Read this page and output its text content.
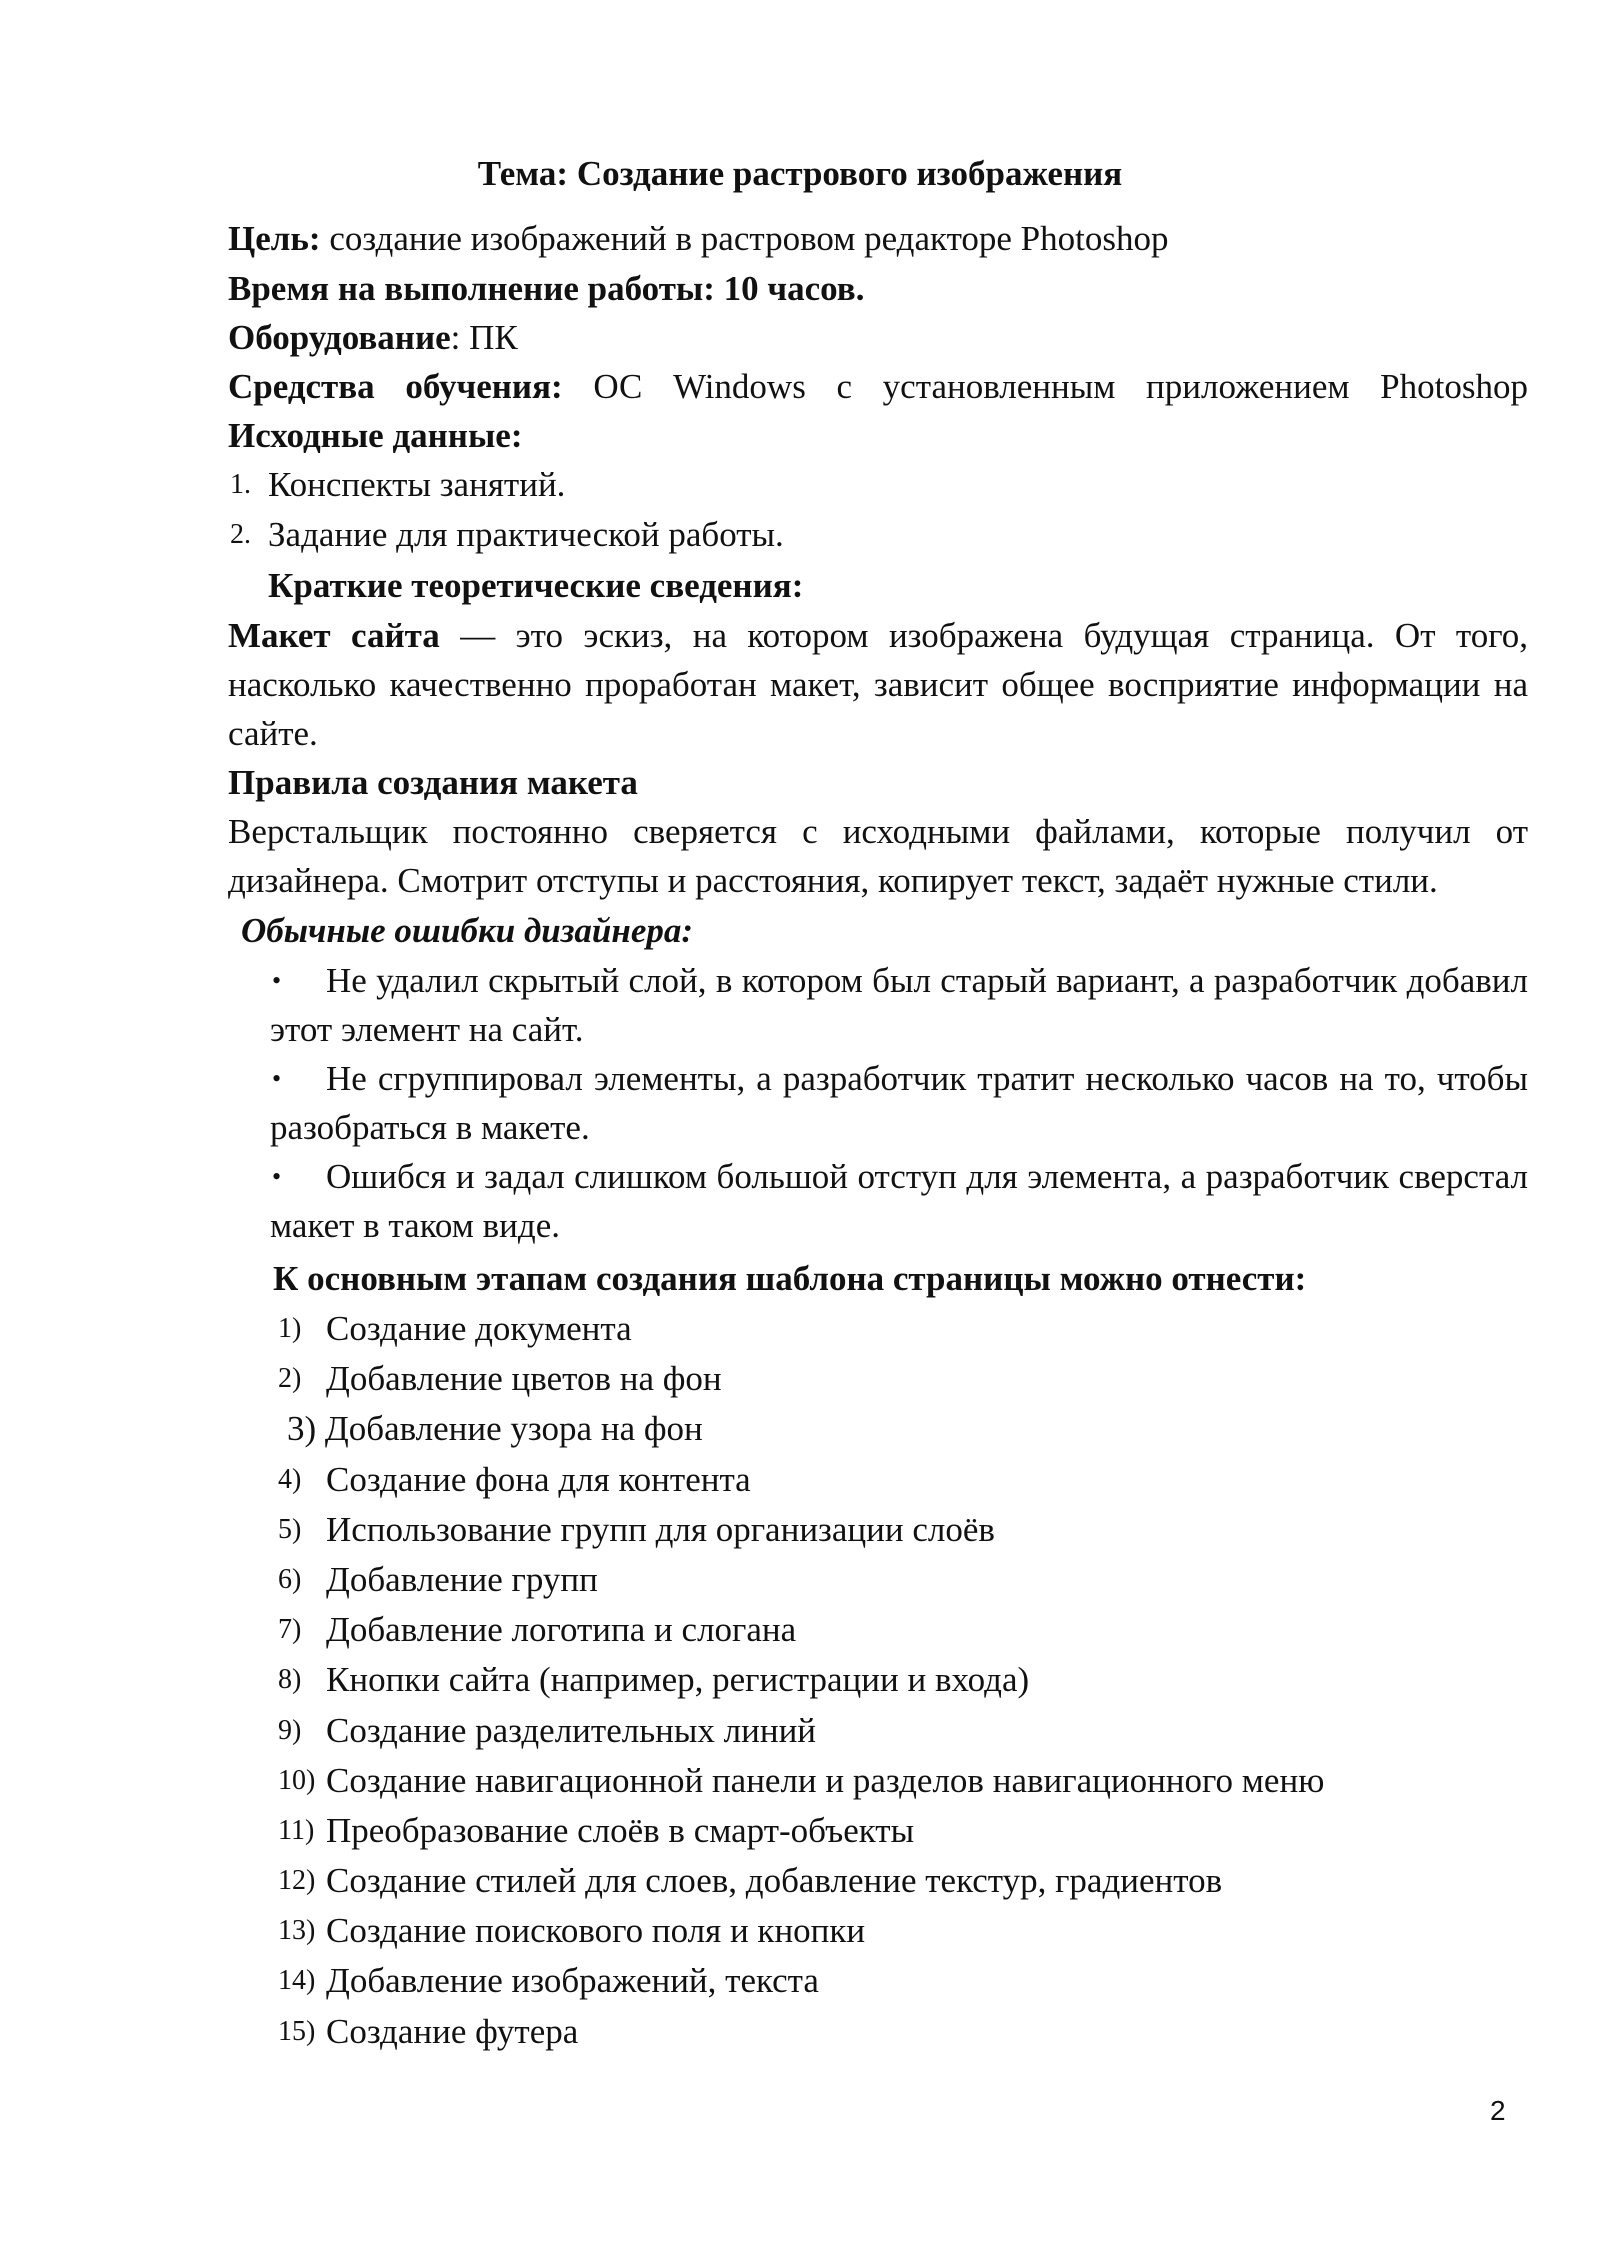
Тема: Создание растрового изображения
Цель: создание изображений в растровом редакторе Photoshop
Время на выполнение работы: 10 часов.
Оборудование: ПК
Средства обучения: ОС Windows с установленным приложением Photoshop Исходные данные:
1. Конспекты занятий.
2. Задание для практической работы.
Краткие теоретические сведения:
Макет сайта — это эскиз, на котором изображена будущая страница. От того, насколько качественно проработан макет, зависит общее восприятие информации на сайте.
Правила создания макета
Верстальщик постоянно сверяется с исходными файлами, которые получил от дизайнера. Смотрит отступы и расстояния, копирует текст, задаёт нужные стили.
Обычные ошибки дизайнера:
•	Не удалил скрытый слой, в котором был старый вариант, а разработчик добавил этот элемент на сайт.
•	Не сгруппировал элементы, а разработчик тратит несколько часов на то, чтобы разобраться в макете.
•	Ошибся и задал слишком большой отступ для элемента, а разработчик сверстал макет в таком виде.
К основным этапам создания шаблона страницы можно отнести:
1) Создание документа
2) Добавление цветов на фон
3) Добавление узора на фон
4) Создание фона для контента
5) Использование групп для организации слоёв
6) Добавление групп
7) Добавление логотипа и слогана
8) Кнопки сайта (например, регистрации и входа)
9) Создание разделительных линий
10) Создание навигационной панели и разделов навигационного меню
11) Преобразование слоёв в смарт-объекты
12) Создание стилей для слоев, добавление текстур, градиентов
13) Создание поискового поля и кнопки
14) Добавление изображений, текста
15) Создание футера
2
